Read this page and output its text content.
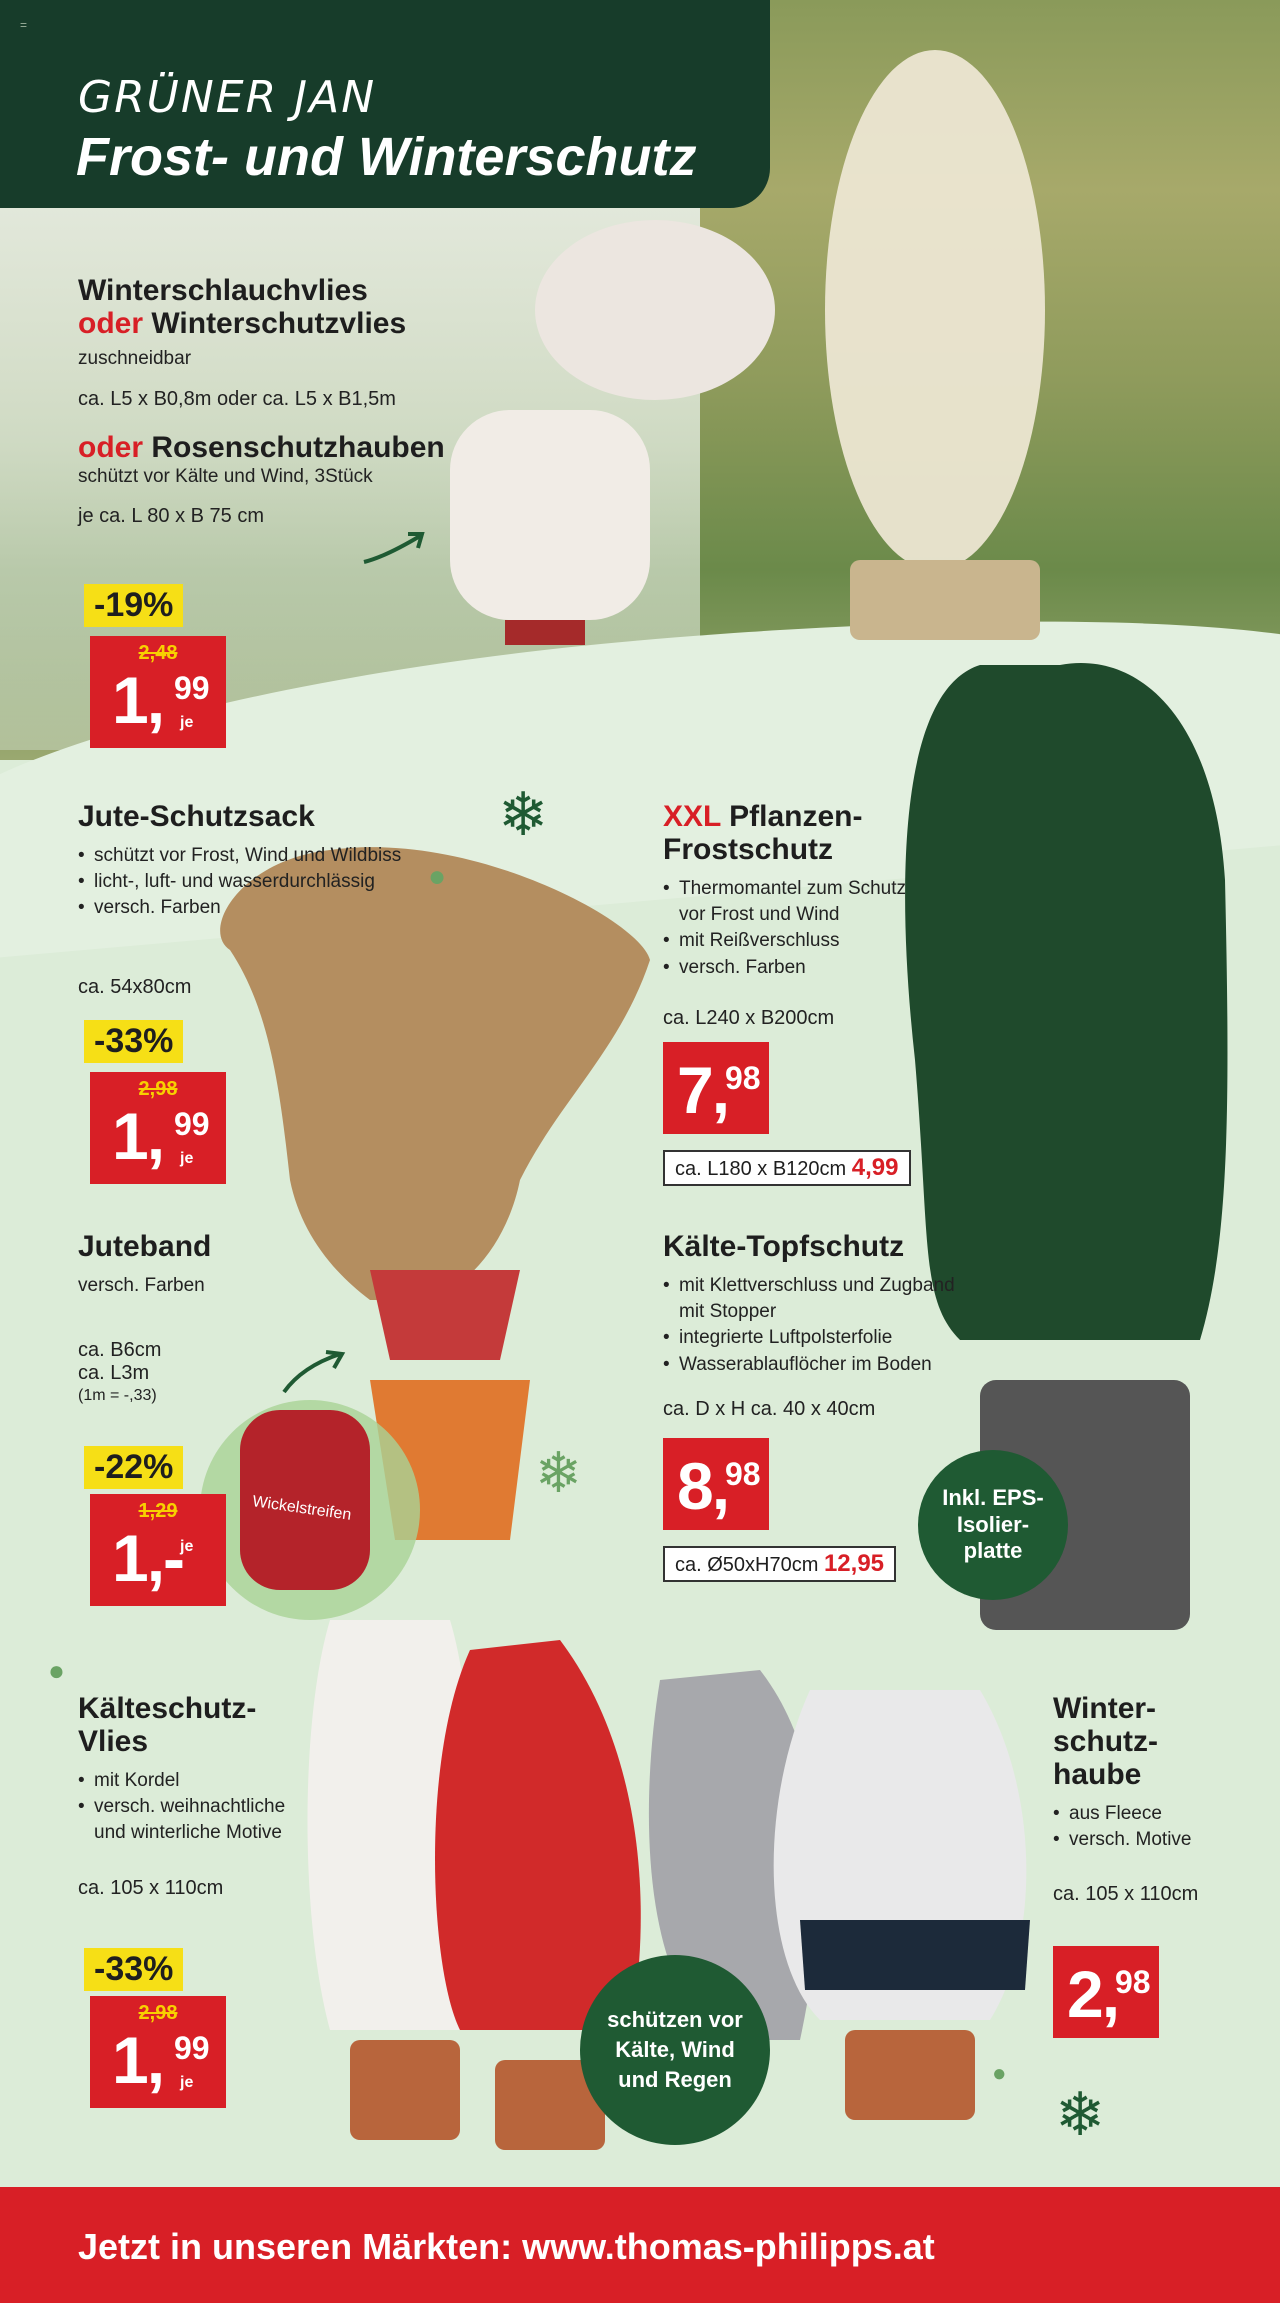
❄
●
❄
❄
●
●
=
GRÜNER JAN
Frost- und Winterschutz
Winterschlauchvlies
oder Winterschutzvlies
zuschneidbar
ca. L5 x B0,8m oder ca. L5 x B1,5m
oder Rosenschutzhauben
schützt vor Kälte und Wind, 3Stück
je ca. L 80 x B 75 cm
-19%
2,48
1, 99
je
Jute-Schutzsack
• schützt vor Frost, Wind und Wildbiss
• licht-, luft- und wasserdurchlässig
• versch. Farben
ca. 54x80cm
-33%
2,98
1, 99
je
XXL Pflanzen-
Frostschutz
• Thermomantel zum Schutz vor Frost und Wind
• mit Reißverschluss
• versch. Farben
ca. L240 x B200cm
7,
98
ca. L180 x B120cm 4,99
Juteband
versch. Farben
ca. B6cm
ca. L3m
(1m = -,33)
-22%
1,29
1,-
je
Wickelstreifen
Kälte-Topfschutz
• mit Klettverschluss und Zugband mit Stopper
• integrierte Luftpolsterfolie
• Wasserablauflöcher im Boden
ca. D x H ca. 40 x 40cm
8,
98
ca. Ø50xH70cm 12,95
Inkl. EPS-Isolier-platte
Kälteschutz-
Vlies
• mit Kordel
• versch. weihnachtliche und winterliche Motive
ca. 105 x 110cm
-33%
2,98
1, 99
je
schützen vor Kälte, Wind und Regen
Winter-
schutz-
haube
• aus Fleece
• versch. Motive
ca. 105 x 110cm
2,
98
Jetzt in unseren Märkten: www.thomas-philipps.at
